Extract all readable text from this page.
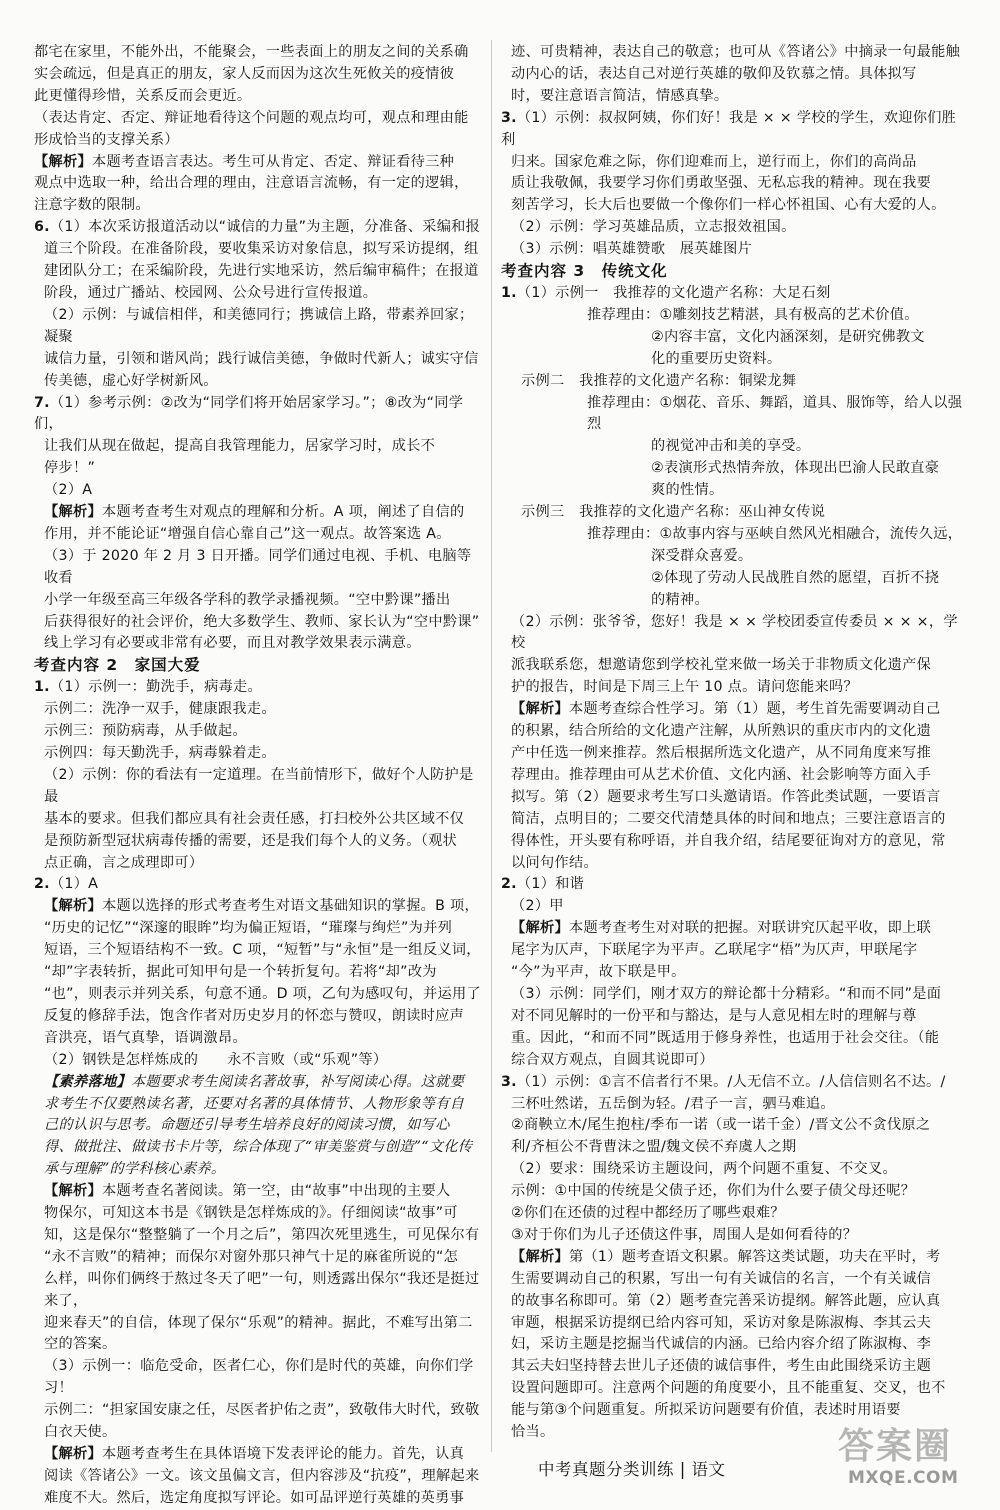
都宅在家里，不能外出，不能聚会，一些表面上的朋友之间的关系确

实会疏远，但是真正的朋友，家人反而因为这次生死攸关的疫情彼

此更懂得珍惜，关系反而会更近。

（表达肯定、否定、辩证地看待这个问题的观点均可，观点和理由能

形成恰当的支撑关系）

【解析】本题考查语言表达。考生可从肯定、否定、辩证看待三种

观点中选取一种，给出合理的理由，注意语言流畅，有一定的逻辑，

注意字数的限制。

6.（1）本次采访报道活动以“诚信的力量”为主题，分准备、采编和报

道三个阶段。在准备阶段，要收集采访对象信息，拟写采访提纲，组

建团队分工；在采编阶段，先进行实地采访，然后编审稿件；在报道

阶段，通过广播站、校园网、公众号进行宣传报道。

（2）示例：与诚信相伴，和美德同行；携诚信上路，带素养回家；凝聚

诚信力量，引领和谐风尚；践行诚信美德，争做时代新人；诚实守信

传美德，虚心好学树新风。

7.（1）参考示例：②改为“同学们将开始居家学习。”；⑧改为“同学们，

让我们从现在做起，提高自我管理能力，居家学习时，成长不

停步！”

（2）A

【解析】本题考查考生对观点的理解和分析。A 项，阐述了自信的

作用，并不能论证“增强自信心靠自己”这一观点。故答案选 A。

（3）于 2020 年 2 月 3 日开播。同学们通过电视、手机、电脑等收看

小学一年级至高三年级各学科的教学录播视频。“空中黔课”播出

后获得很好的社会评价，绝大多数学生、教师、家长认为“空中黔课”

线上学习有必要或非常有必要，而且对教学效果表示满意。

考查内容 2　家国大爱

1.（1）示例一：勤洗手，病毒走。

示例二：洗净一双手，健康跟我走。

示例三：预防病毒，从手做起。

示例四：每天勤洗手，病毒躲着走。

（2）示例：你的看法有一定道理。在当前情形下，做好个人防护是最

基本的要求。但我们都应具有社会责任感，打扫校外公共区域不仅

是预防新型冠状病毒传播的需要，还是我们每个人的义务。（观状

点正确，言之成理即可）

2.（1）A

【解析】本题以选择的形式考查考生对语文基础知识的掌握。B 项，

“历史的记忆”“深邃的眼眸”均为偏正短语，“璀璨与绚烂”为并列

短语，三个短语结构不一致。C 项，“短暂”与“永恒”是一组反义词，

“却”字表转折，据此可知甲句是一个转折复句。若将“却”改为

“也”，则表示并列关系，句意不通。D 项，乙句为感叹句，并运用了

反复的修辞手法，饱含作者对历史岁月的怀恋与赞叹，朗读时应声

音洪亮，语气真挚，语调激昂。

（2）钢铁是怎样炼成的　　永不言败（或“乐观”等）

【素养落地】本题要求考生阅读名著故事，补写阅读心得。这就要

求考生不仅要熟读名著，还要对名著的具体情节、人物形象等有自

己的认识与思考。命题还引导考生培养良好的阅读习惯，如写心

得、做批注、做读书卡片等，综合体现了“审美鉴赏与创造”“文化传

承与理解”的学科核心素养。

【解析】本题考查名著阅读。第一空，由“故事”中出现的主要人

物保尔，可知这本书是《钢铁是怎样炼成的》。仔细阅读“故事”可

知，这是保尔“整整躺了一个月之后”，第四次死里逃生，可见保尔有

“永不言败”的精神；而保尔对窗外那只神气十足的麻雀所说的“怎

么样，叫你们俩终于熬过冬天了吧”一句，则透露出保尔“我还是挺过来了，

迎来春天”的自信，体现了保尔“乐观”的精神。据此，不难写出第二

空的答案。

（3）示例一：临危受命，医者仁心，你们是时代的英雄，向你们学习！

示例二：“担家国安康之任，尽医者护佑之责”，致敬伟大时代，致敬

白衣天使。

【解析】本题考查考生在具体语境下发表评论的能力。首先，认真

阅读《答诸公》一文。该文虽偏文言，但内容涉及“抗疫”，理解起来

难度不大。然后，选定角度拟写评论。如可品评逆行英雄的英勇事

迹、可贵精神，表达自己的敬意；也可从《答诸公》中摘录一句最能触

动内心的话，表达自己对逆行英雄的敬仰及钦慕之情。具体拟写

时，要注意语言简洁，情感真挚。

3.（1）示例：叔叔阿姨，你们好！我是 × × 学校的学生，欢迎你们胜利

归来。国家危难之际，你们迎难而上，逆行而上，你们的高尚品

质让我敬佩，我要学习你们勇敢坚强、无私忘我的精神。现在我要

刻苦学习，长大后也要做一个像你们一样心怀祖国、心有大爱的人。

（2）示例：学习英雄品质，立志报效祖国。

（3）示例：唱英雄赞歌　展英雄图片

考查内容 3　传统文化

1.（1）示例一　我推荐的文化遗产名称：大足石刻

推荐理由：①雕刻技艺精湛，具有极高的艺术价值。

②内容丰富，文化内涵深刻，是研究佛教文

化的重要历史资料。

示例二　我推荐的文化遗产名称：铜梁龙舞

推荐理由：①烟花、音乐、舞蹈，道具、服饰等，给人以强烈

的视觉冲击和美的享受。

②表演形式热情奔放，体现出巴渝人民敢直豪

爽的性情。

示例三　我推荐的文化遗产名称：巫山神女传说

推荐理由：①故事内容与巫峡自然风光相融合，流传久远，

深受群众喜爱。

②体现了劳动人民战胜自然的愿望，百折不挠

的精神。

（2）示例：张爷爷，您好！我是 × × 学校团委宣传委员 × × ×，学校

派我联系您，想邀请您到学校礼堂来做一场关于非物质文化遗产保

护的报告，时间是下周三上午 10 点。请问您能来吗？

【解析】本题考查综合性学习。第（1）题，考生首先需要调动自己

的积累，结合所给的文化遗产注解，从所熟识的重庆市内的文化遗

产中任选一例来推荐。然后根据所选文化遗产，从不同角度来写推

荐理由。推荐理由可从艺术价值、文化内涵、社会影响等方面入手

拟写。第（2）题要求考生写口头邀请语。作答此类试题，一要语言

简洁，点明目的；二要交代清楚具体的时间和地点；三要注意语言的

得体性，开头要有称呼语，并自我介绍，结尾要征询对方的意见，常

以问句作结。

2.（1）和谐

（2）甲

【解析】本题考查考生对对联的把握。对联讲究仄起平收，即上联

尾字为仄声，下联尾字为平声。乙联尾字“梧”为仄声，甲联尾字

“今”为平声，故下联是甲。

（3）示例：同学们，刚才双方的辩论都十分精彩。“和而不同”是面

对不同见解时的一份平和与豁达，是与人意见相左时的理解与尊

重。因此，“和而不同”既适用于修身养性，也适用于社会交往。（能

综合双方观点，自圆其说即可）

3.（1）示例：①言不信者行不果。/人无信不立。/人信信则名不达。/

三杯吐然诺，五岳倒为轻。/君子一言，驷马难追。

②商鞅立木/尾生抱柱/季布一诺（或一诺千金）/晋文公不贪伐原之

利/齐桓公不背曹沫之盟/魏文侯不弃虞人之期

（2）要求：围绕采访主题设问，两个问题不重复、不交叉。

示例：①中国的传统是父债子还，你们为什么要子债父母还呢？

②你们在还债的过程中都经历了哪些艰难？

③对于你们为儿子还债这件事，周围人是如何看待的？

【解析】第（1）题考查语文积累。解答这类试题，功夫在平时，考

生需要调动自己的积累，写出一句有关诚信的名言，一个有关诚信

的故事名称即可。第（2）题考查完善采访提纲。解答此题，应认真

审题，根据采访提纲已给内容可知，采访对象是陈淑梅、李其云夫

妇，采访主题是挖掘当代诚信的内涵。已给内容介绍了陈淑梅、李

其云夫妇坚持替去世儿子还债的诚信事件，考生由此围绕采访主题

设置问题即可。注意两个问题的角度要小，且不能重复、交叉，也不

能与第③个问题重复。所拟采访问题要有价值，表述时用语要

恰当。

中考真题分类训练 | 语文
答案圈
MXQE.COM
